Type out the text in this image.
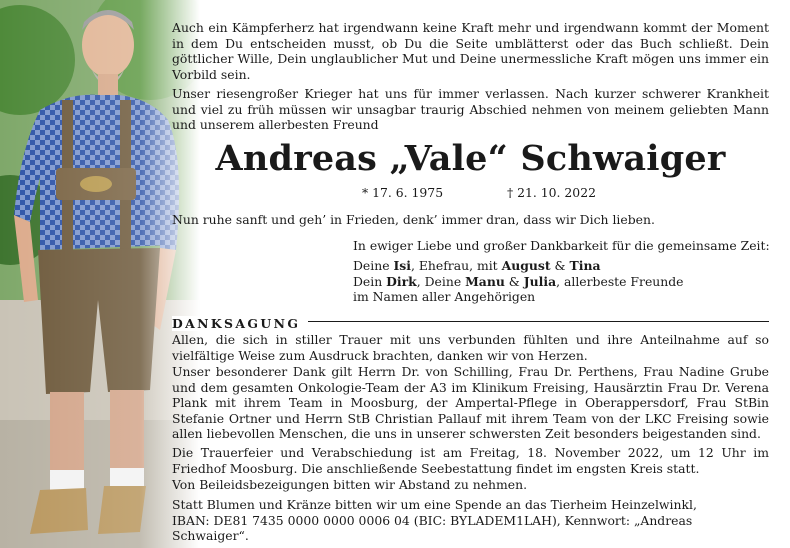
Auch ein Kämpferherz hat irgendwann keine Kraft mehr und irgendwann kommt der Moment in dem Du entscheiden musst, ob Du die Seite umblätterst oder das Buch schließt. Dein göttlicher Wille, Dein unglaublicher Mut und Deine unermessliche Kraft mögen uns immer ein Vorbild sein.
Unser riesengroßer Krieger hat uns für immer verlassen. Nach kurzer schwerer Krankheit und viel zu früh müssen wir unsagbar traurig Abschied nehmen von meinem geliebten Mann und unserem allerbesten Freund
Andreas „Vale“ Schwaiger
* 17. 6. 1975	† 21. 10. 2022
Nun ruhe sanft und geh’ in Frieden, denk’ immer dran, dass wir Dich lieben.
In ewiger Liebe und großer Dankbarkeit für die gemeinsame Zeit:
Deine Isi, Ehefrau, mit August & Tina
Dein Dirk, Deine Manu & Julia, allerbeste Freunde
im Namen aller Angehörigen
DANKSAGUNG
Allen, die sich in stiller Trauer mit uns verbunden fühlten und ihre Anteilnahme auf so vielfältige Weise zum Ausdruck brachten, danken wir von Herzen.
Unser besonderer Dank gilt Herrn Dr. von Schilling, Frau Dr. Perthens, Frau Nadine Grube und dem gesamten Onkologie-Team der A3 im Klinikum Freising, Hausärztin Frau Dr. Verena Plank mit ihrem Team in Moosburg, der Ampertal-Pflege in Oberappersdorf, Frau StBin Stefanie Ortner und Herrn StB Christian Pallauf mit ihrem Team von der LKC Freising sowie allen liebevollen Menschen, die uns in unserer schwersten Zeit besonders beigestanden sind.
Die Trauerfeier und Verabschiedung ist am Freitag, 18. November 2022, um 12 Uhr im Friedhof Moosburg. Die anschließende Seebestattung findet im engsten Kreis statt.
Von Beileidsbezeigungen bitten wir Abstand zu nehmen.
Statt Blumen und Kränze bitten wir um eine Spende an das Tierheim Heinzelwinkl,
IBAN: DE81 7435 0000 0000 0006 04 (BIC: BYLADEM1LAH), Kennwort: „Andreas Schwaiger“.
